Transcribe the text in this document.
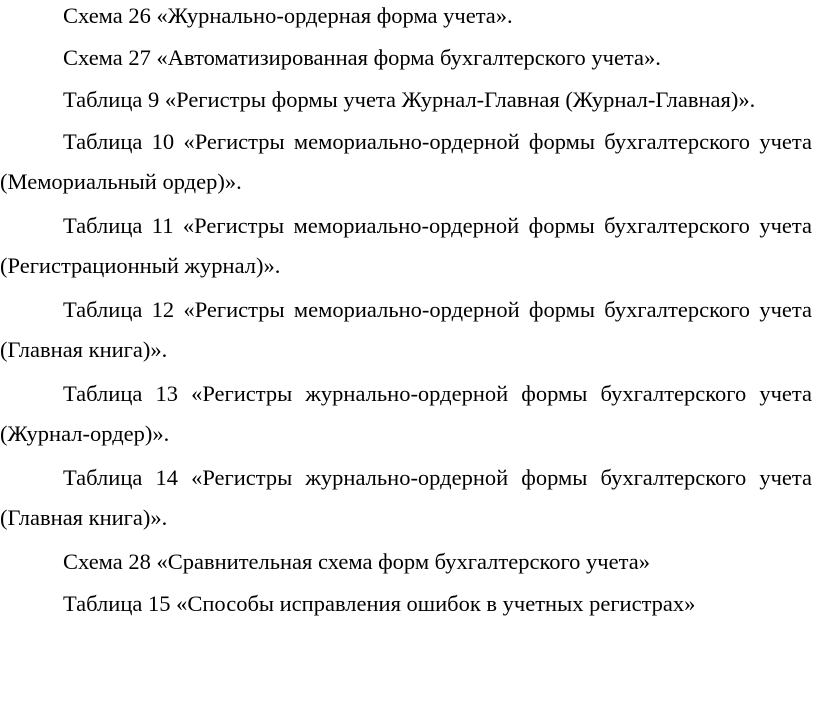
Схема 26 «Журнально-ордерная форма учета».

Схема 27 «Автоматизированная форма бухгалтерского учета».

Таблица 9 «Регистры формы учета Журнал-Главная (Журнал-Главная)».

Таблица 10 «Регистры мемориально-ордерной формы бухгалтерского учета (Мемориальный ордер)».

Таблица 11 «Регистры мемориально-ордерной формы бухгалтерского учета (Регистрационный журнал)».

Таблица 12 «Регистры мемориально-ордерной формы бухгалтерского учета (Главная книга)».

Таблица 13 «Регистры журнально-ордерной формы бухгалтерского учета (Журнал-ордер)».

Таблица 14 «Регистры журнально-ордерной формы бухгалтерского учета (Главная книга)».

Схема 28 «Сравнительная схема форм бухгалтерского учета»

Таблица 15 «Способы исправления ошибок в учетных регистрах»
